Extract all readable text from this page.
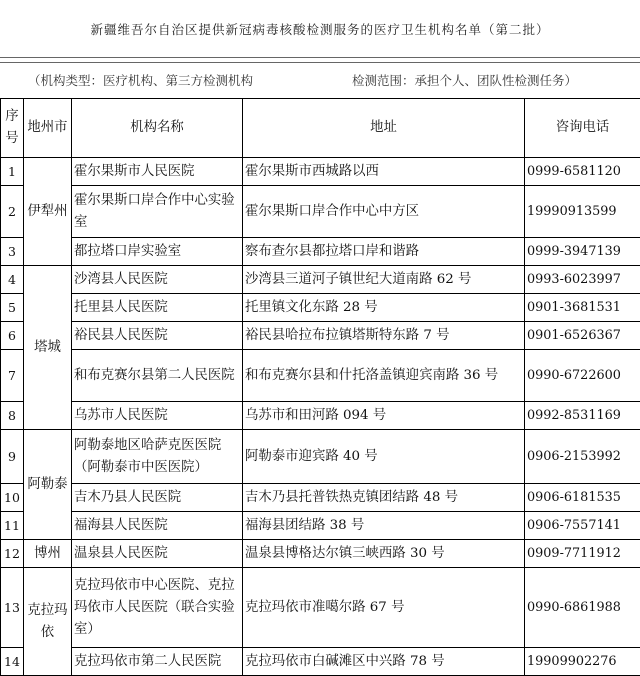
新疆维吾尔自治区提供新冠病毒核酸检测服务的医疗卫生机构名单（第二批）
（机构类型：医疗机构、第三方检测机构	检测范围：承担个人、团队性检测任务）
序号	地州市	机构名称	地址	咨询电话
1	伊犁州	霍尔果斯市人民医院	霍尔果斯市西城路以西	0999-6581120
2		霍尔果斯口岸合作中心实验室	霍尔果斯口岸合作中心中方区	19990913599
3		都拉塔口岸实验室	察布查尔县都拉塔口岸和谐路	0999-3947139
4	塔城	沙湾县人民医院	沙湾县三道河子镇世纪大道南路 62 号	0993-6023997
5		托里县人民医院	托里镇文化东路 28 号	0901-3681531
6		裕民县人民医院	裕民县哈拉布拉镇塔斯特东路 7 号	0901-6526367
7		和布克赛尔县第二人民医院	和布克赛尔县和什托洛盖镇迎宾南路 36 号	0990-6722600
8		乌苏市人民医院	乌苏市和田河路 094 号	0992-8531169
9	阿勒泰	阿勒泰地区哈萨克医医院（阿勒泰市中医医院）	阿勒泰市迎宾路 40 号	0906-2153992
10		吉木乃县人民医院	吉木乃县托普铁热克镇团结路 48 号	0906-6181535
11		福海县人民医院	福海县团结路 38 号	0906-7557141
12	博州	温泉县人民医院	温泉县博格达尔镇三峡西路 30 号	0909-7711912
13	克拉玛依	克拉玛依市中心医院、克拉玛依市人民医院（联合实验室）	克拉玛依市准噶尔路 67 号	0990-6861988
14		克拉玛依市第二人民医院	克拉玛依市白碱滩区中兴路 78 号	19909902276
